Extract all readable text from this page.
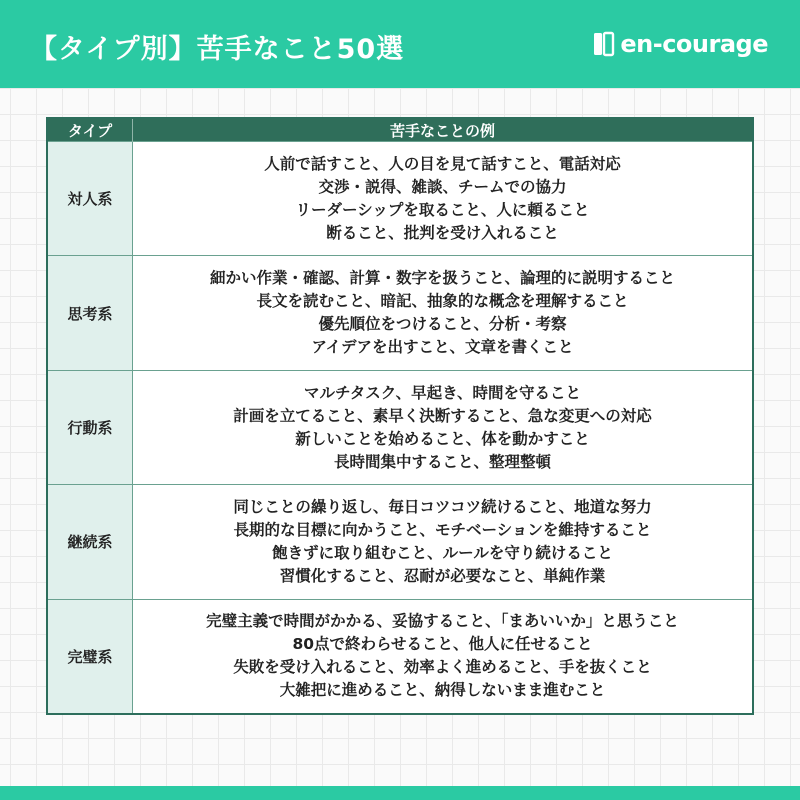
【タイプ別】苦手なこと50選	en-courage
タイプ	苦手なことの例
対人系	人前で話すこと、人の目を見て話すこと、電話対応
交渉・説得、雑談、チームでの協力
リーダーシップを取ること、人に頼ること
断ること、批判を受け入れること

思考系	細かい作業・確認、計算・数字を扱うこと、論理的に説明すること
長文を読むこと、暗記、抽象的な概念を理解すること
優先順位をつけること、分析・考察
アイデアを出すこと、文章を書くこと

行動系	マルチタスク、早起き、時間を守ること
計画を立てること、素早く決断すること、急な変更への対応
新しいことを始めること、体を動かすこと
長時間集中すること、整理整頓

継続系	同じことの繰り返し、毎日コツコツ続けること、地道な努力
長期的な目標に向かうこと、モチベーションを維持すること
飽きずに取り組むこと、ルールを守り続けること
習慣化すること、忍耐が必要なこと、単純作業

完璧系	完璧主義で時間がかかる、妥協すること、「まあいいか」と思うこと
80点で終わらせること、他人に任せること
失敗を受け入れること、効率よく進めること、手を抜くこと
大雑把に進めること、納得しないまま進むこと
